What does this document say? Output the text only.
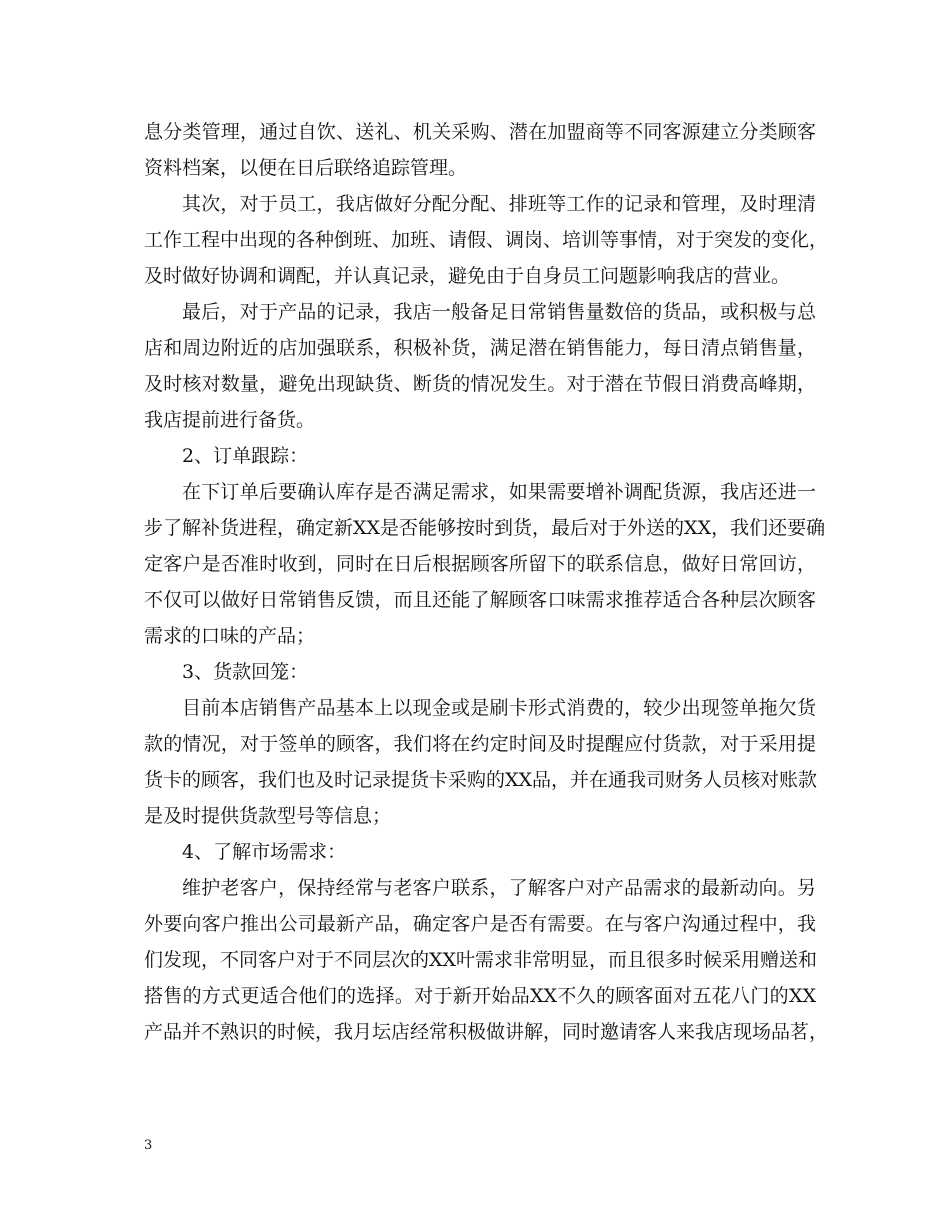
息分类管理，通过自饮、送礼、机关采购、潜在加盟商等不同客源建立分类顾客
资料档案，以便在日后联络追踪管理。
其次，对于员工，我店做好分配分配、排班等工作的记录和管理，及时理清
工作工程中出现的各种倒班、加班、请假、调岗、培训等事情，对于突发的变化，
及时做好协调和调配，并认真记录，避免由于自身员工问题影响我店的营业。
最后，对于产品的记录，我店一般备足日常销售量数倍的货品，或积极与总
店和周边附近的店加强联系，积极补货，满足潜在销售能力，每日清点销售量，
及时核对数量，避免出现缺货、断货的情况发生。对于潜在节假日消费高峰期，
我店提前进行备货。
2、订单跟踪：
在下订单后要确认库存是否满足需求，如果需要增补调配货源，我店还进一
步了解补货进程，确定新XX是否能够按时到货，最后对于外送的XX，我们还要确
定客户是否准时收到，同时在日后根据顾客所留下的联系信息，做好日常回访，
不仅可以做好日常销售反馈，而且还能了解顾客口味需求推荐适合各种层次顾客
需求的口味的产品；
3、货款回笼：
目前本店销售产品基本上以现金或是刷卡形式消费的，较少出现签单拖欠货
款的情况，对于签单的顾客，我们将在约定时间及时提醒应付货款，对于采用提
货卡的顾客，我们也及时记录提货卡采购的XX品，并在通我司财务人员核对账款
是及时提供货款型号等信息；
4、了解市场需求：
维护老客户，保持经常与老客户联系，了解客户对产品需求的最新动向。另
外要向客户推出公司最新产品，确定客户是否有需要。在与客户沟通过程中，我
们发现，不同客户对于不同层次的XX叶需求非常明显，而且很多时候采用赠送和
搭售的方式更适合他们的选择。对于新开始品XX不久的顾客面对五花八门的XX
产品并不熟识的时候，我月坛店经常积极做讲解，同时邀请客人来我店现场品茗，
3
